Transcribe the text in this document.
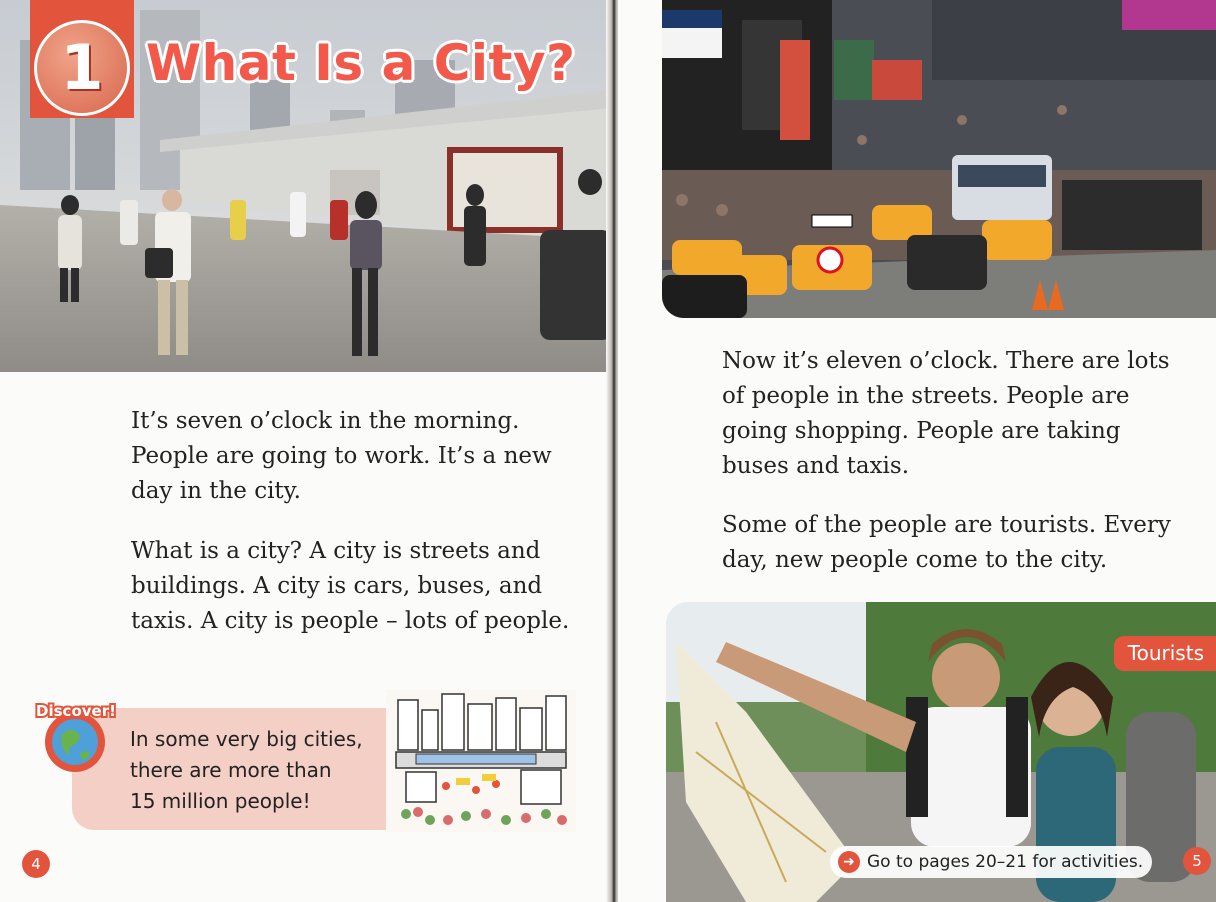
1 What Is a City?

It’s seven o’clock in the morning. People are going to work. It’s a new day in the city.

What is a city? A city is streets and buildings. A city is cars, buses, and taxis. A city is people – lots of people.

Discover!
In some very big cities,
there are more than
15 million people!
4

Now it’s eleven o’clock. There are lots of people in the streets. People are going shopping. People are taking buses and taxis.

Some of the people are tourists. Every day, new people come to the city.

Tourists
➜ Go to pages 20–21 for activities.	5
